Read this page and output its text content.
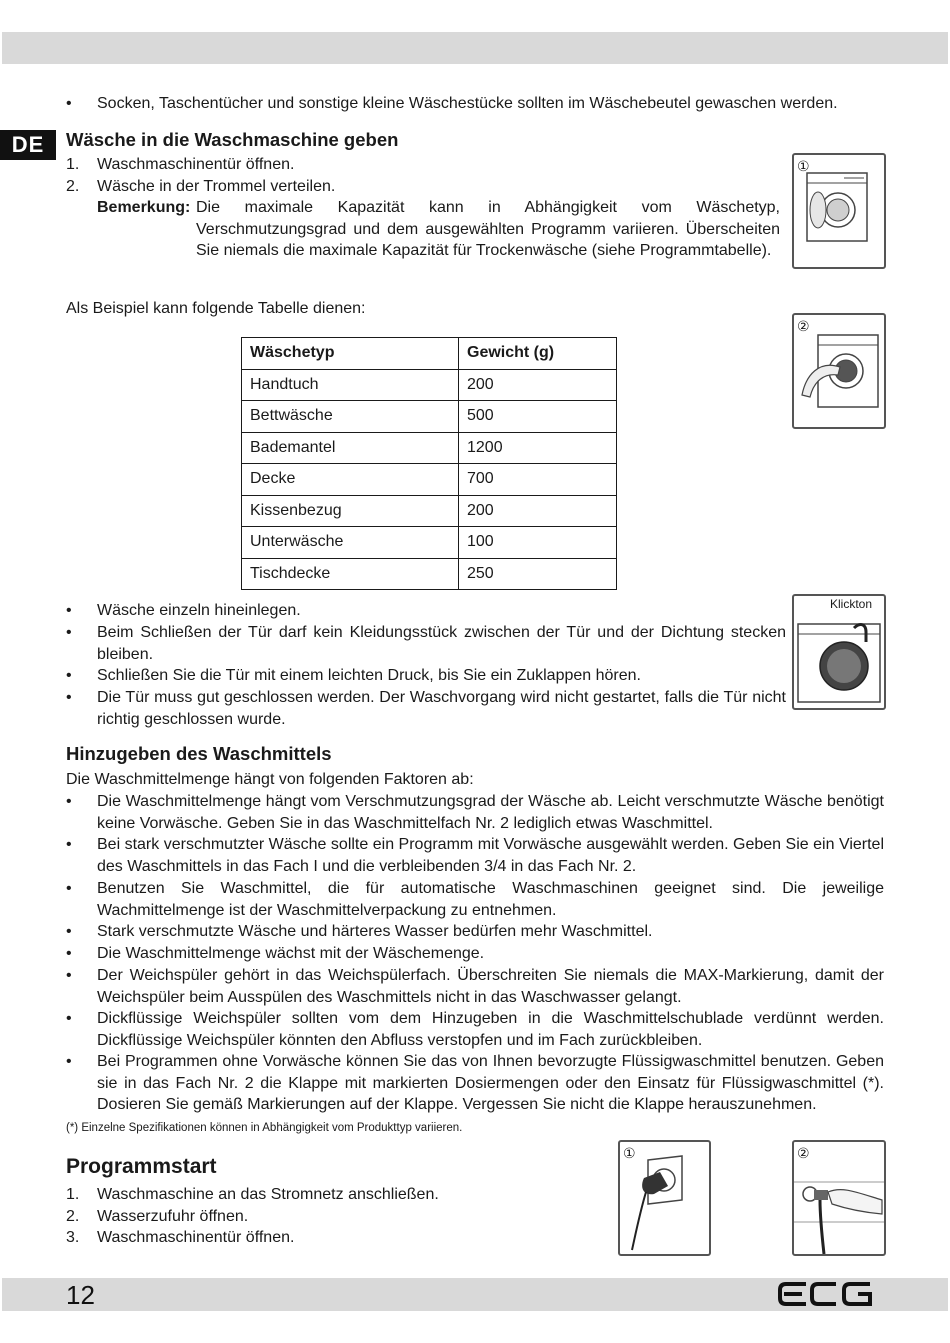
DE
•	Socken, Taschentücher und sonstige kleine Wäschestücke sollten im Wäschebeutel gewaschen werden.
Wäsche in die Waschmaschine geben
1. Waschmaschinentür öffnen.
2. Wäsche in der Trommel verteilen.
Bemerkung: Die maximale Kapazität kann in Abhängigkeit vom Wäschetyp, Verschmutzungsgrad und dem ausgewählten Programm variieren. Überscheiten Sie niemals die maximale Kapazität für Trockenwäsche (siehe Programmtabelle).
Als Beispiel kann folgende Tabelle dienen:
①
②
Wäschetyp	Gewicht (g)
Handtuch	200
Bettwäsche	500
Bademantel	1200
Decke	700
Kissenbezug	200
Unterwäsche	100
Tischdecke	250
• Wäsche einzeln hineinlegen.
• Beim Schließen der Tür darf kein Kleidungsstück zwischen der Tür und der Dichtung stecken bleiben.
• Schließen Sie die Tür mit einem leichten Druck, bis Sie ein Zuklappen hören.
• Die Tür muss gut geschlossen werden. Der Waschvorgang wird nicht gestartet, falls die Tür nicht richtig geschlossen wurde.
Klickton
Hinzugeben des Waschmittels
Die Waschmittelmenge hängt von folgenden Faktoren ab:
• Die Waschmittelmenge hängt vom Verschmutzungsgrad der Wäsche ab. Leicht verschmutzte Wäsche benötigt keine Vorwäsche. Geben Sie in das Waschmittelfach Nr. 2 lediglich etwas Waschmittel.
• Bei stark verschmutzter Wäsche sollte ein Programm mit Vorwäsche ausgewählt werden. Geben Sie ein Viertel des Waschmittels in das Fach I und die verbleibenden 3/4 in das Fach Nr. 2.
• Benutzen Sie Waschmittel, die für automatische Waschmaschinen geeignet sind. Die jeweilige Wachmittelmenge ist der Waschmittelverpackung zu entnehmen.
• Stark verschmutzte Wäsche und härteres Wasser bedürfen mehr Waschmittel.
• Die Waschmittelmenge wächst mit der Wäschemenge.
• Der Weichspüler gehört in das Weichspülerfach. Überschreiten Sie niemals die MAX-Markierung, damit der Weichspüler beim Ausspülen des Waschmittels nicht in das Waschwasser gelangt.
• Dickflüssige Weichspüler sollten vom dem Hinzugeben in die Waschmittelschublade verdünnt werden. Dickflüssige Weichspüler könnten den Abfluss verstopfen und im Fach zurückbleiben.
• Bei Programmen ohne Vorwäsche können Sie das von Ihnen bevorzugte Flüssigwaschmittel benutzen. Geben sie in das Fach Nr. 2 die Klappe mit markierten Dosiermengen oder den Einsatz für Flüssigwaschmittel (*). Dosieren Sie gemäß Markierungen auf der Klappe. Vergessen Sie nicht die Klappe herauszunehmen.
(*) Einzelne Spezifikationen können in Abhängigkeit vom Produkttyp variieren.
Programmstart
1. Waschmaschine an das Stromnetz anschließen.
2. Wasserzufuhr öffnen.
3. Waschmaschinentür öffnen.
①	②
12
